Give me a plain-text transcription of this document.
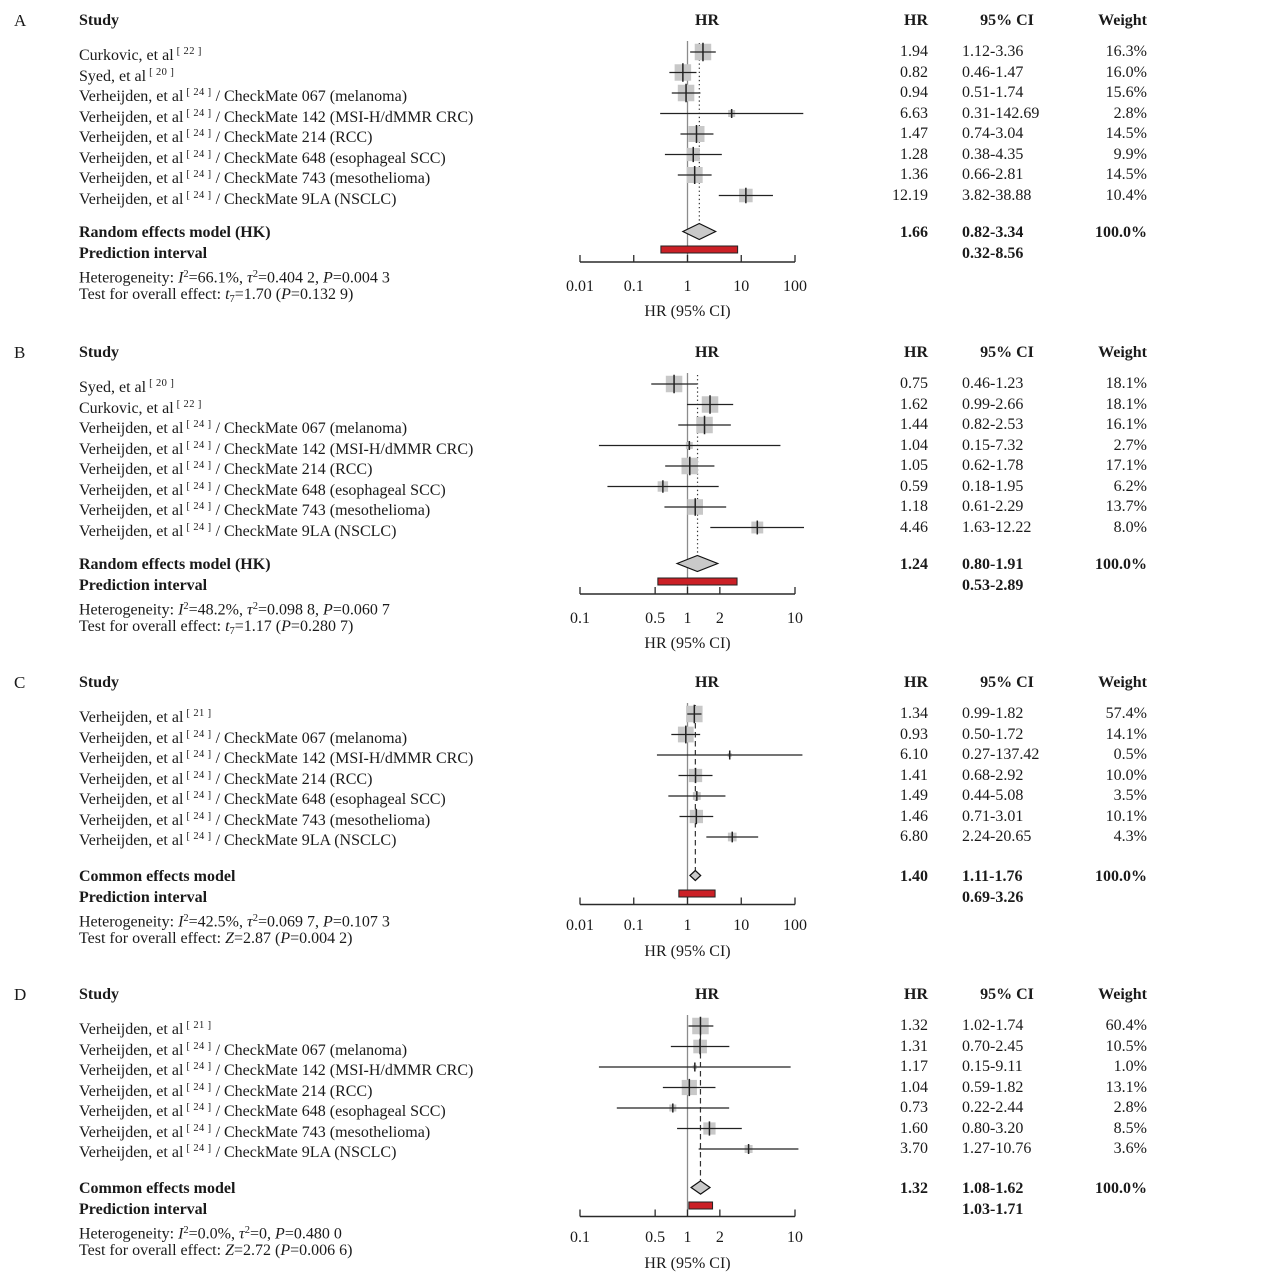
A	Study	HR	HR	95% CI	Weight
Curkovic, et al [ 22 ]	1.94 1.12-3.36	16.3%
Syed, et al [ 20 ]	0.82 0.46-1.47	16.0%
Verheijden, et al [ 24 ] / CheckMate 067 (melanoma)	0.94 0.51-1.74	15.6%
Verheijden, et al [ 24 ] / CheckMate 142 (MSI-H/dMMR CRC)	6.63 0.31-142.69	2.8%
Verheijden, et al [ 24 ] / CheckMate 214 (RCC)	1.47 0.74-3.04	14.5%
Verheijden, et al [ 24 ] / CheckMate 648 (esophageal SCC)	1.28 0.38-4.35	9.9%
Verheijden, et al [ 24 ] / CheckMate 743 (mesothelioma)	1.36 0.66-2.81	14.5%
Verheijden, et al [ 24 ] / CheckMate 9LA (NSCLC)	12.19 3.82-38.88	10.4%
Random effects model (HK)	1.66 0.82-3.34	100.0%
Prediction interval	0.32-8.56
Heterogeneity: $I^2=66.1\%$, $\tau^2=0.404$ 2, P=0.004 3
Test for overall effect: t7=1.70 (P=0.132 9)	0.01	0.1	1	10	100
HR (95% CI)
B	Study	HR	HR	95% CI	Weight
Syed, et al [ 20 ]	0.75 0.46-1.23	18.1%
Curkovic, et al [ 22 ]	1.62 0.99-2.66	18.1%
Verheijden, et al [ 24 ] / CheckMate 067 (melanoma)	1.44 0.82-2.53	16.1%
Verheijden, et al [ 24 ] / CheckMate 142 (MSI-H/dMMR CRC)	1.04 0.15-7.32	2.7%
Verheijden, et al [ 24 ] / CheckMate 214 (RCC)	1.05 0.62-1.78	17.1%
Verheijden, et al [ 24 ] / CheckMate 648 (esophageal SCC)	0.59 0.18-1.95	6.2%
Verheijden, et al [ 24 ] / CheckMate 743 (mesothelioma)	1.18 0.61-2.29	13.7%
Verheijden, et al [ 24 ] / CheckMate 9LA (NSCLC)	4.46 1.63-12.22	8.0%
Random effects model (HK)	1.24 0.80-1.91	100.0%
Prediction interval	0.53-2.89
Heterogeneity: $I^2=48.2\%$, $\tau^2=0.098$ 8, P=0.060 7
Test for overall effect: t7=1.17 (P=0.280 7)	0.1	0.5	1	2	10
HR (95% CI)
C	Study	HR	HR	95% CI	Weight
Verheijden, et al [ 21 ]	1.34 0.99-1.82	57.4%
Verheijden, et al [ 24 ] / CheckMate 067 (melanoma)	0.93 0.50-1.72	14.1%
Verheijden, et al [ 24 ] / CheckMate 142 (MSI-H/dMMR CRC)	6.10 0.27-137.42	0.5%
Verheijden, et al [ 24 ] / CheckMate 214 (RCC)	1.41 0.68-2.92	10.0%
Verheijden, et al [ 24 ] / CheckMate 648 (esophageal SCC)	1.49 0.44-5.08	3.5%
Verheijden, et al [ 24 ] / CheckMate 743 (mesothelioma)	1.46 0.71-3.01	10.1%
Verheijden, et al [ 24 ] / CheckMate 9LA (NSCLC)	6.80 2.24-20.65	4.3%
Common effects model	1.40 1.11-1.76	100.0%
Prediction interval	0.69-3.26
Heterogeneity: $I^2=42.5\%$, $\tau^2=0.069$ 7, P=0.107 3
Test for overall effect: Z=2.87 (P=0.004 2)
0.01	0.1	1	10	100
HR (95% CI)
D	Study	HR	HR	95% CI	Weight
Verheijden, et al [ 21 ]	1.32 1.02-1.74	60.4%
Verheijden, et al [ 24 ] / CheckMate 067 (melanoma)	1.31 0.70-2.45	10.5%
Verheijden, et al [ 24 ] / CheckMate 142 (MSI-H/dMMR CRC)	1.17 0.15-9.11	1.0%
Verheijden, et al [ 24 ] / CheckMate 214 (RCC)	1.04 0.59-1.82	13.1%
Verheijden, et al [ 24 ] / CheckMate 648 (esophageal SCC)	0.73 0.22-2.44	2.8%
Verheijden, et al [ 24 ] / CheckMate 743 (mesothelioma)	1.60 0.80-3.20	8.5%
Verheijden, et al [ 24 ] / CheckMate 9LA (NSCLC)	3.70 1.27-10.76	3.6%
Common effects model	1.32 1.08-1.62	100.0%
Prediction interval	1.03-1.71
Heterogeneity: $I^2=0.0\%$, $\tau^2=0$, P=0.480 0
Test for overall effect: Z=2.72 (P=0.006 6)
0.1	0.5	1	2	10
HR (95% CI)
